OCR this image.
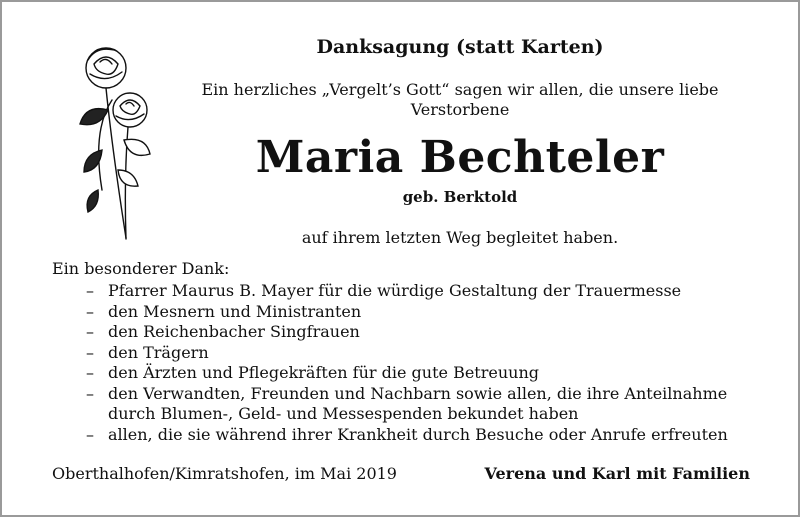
Danksagung (statt Karten)
Ein herzliches „Vergelt’s Gott“ sagen wir allen, die unsere liebe Verstorbene
Maria Bechteler
geb. Berktold
auf ihrem letzten Weg begleitet haben.
Ein besonderer Dank:
– Pfarrer Maurus B. Mayer für die würdige Gestaltung der Trauermesse
– den Mesnern und Ministranten
– den Reichenbacher Singfrauen
– den Trägern
– den Ärzten und Pflegekräften für die gute Betreuung
– den Verwandten, Freunden und Nachbarn sowie allen, die ihre Anteilnahme durch Blumen-, Geld- und Messespenden bekundet haben
– allen, die sie während ihrer Krankheit durch Besuche oder Anrufe erfreuten
Oberthalhofen/Kimratshofen, im Mai 2019	Verena und Karl mit Familien
